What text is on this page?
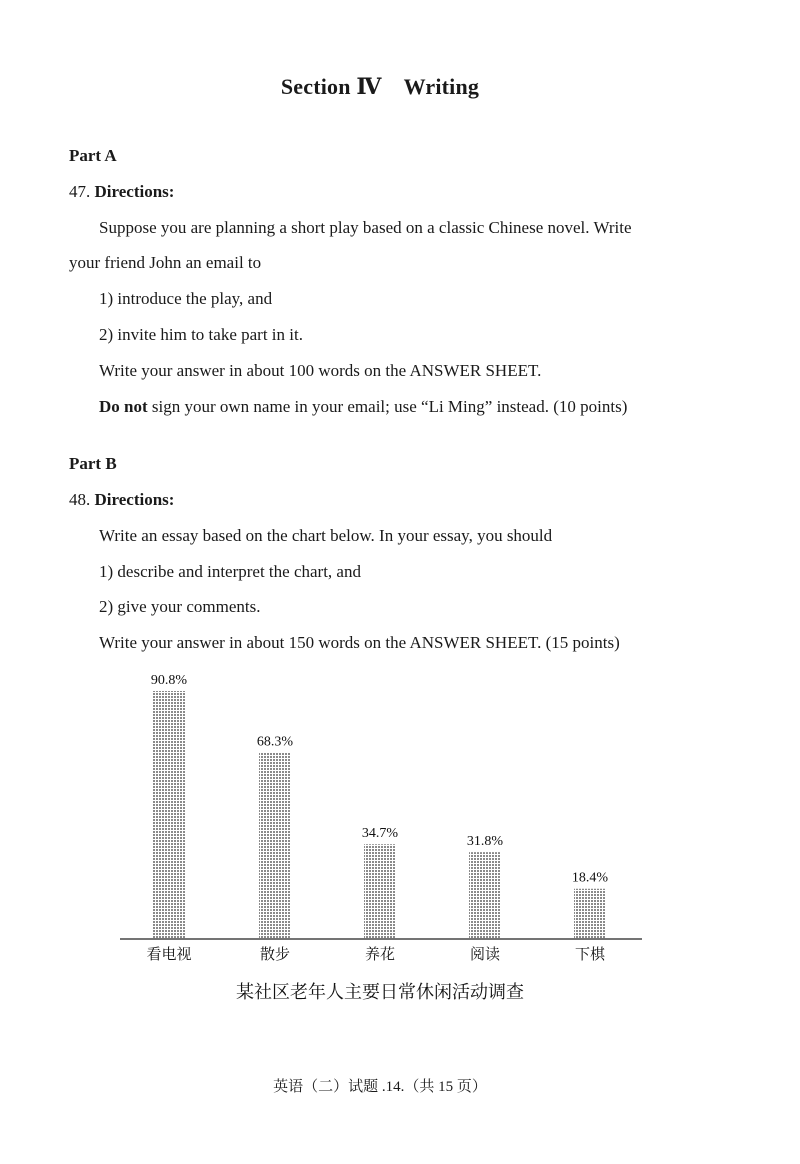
Section Ⅳ Writing
Part A
47. Directions:
Suppose you are planning a short play based on a classic Chinese novel. Write
your friend John an email to
1) introduce the play, and
2) invite him to take part in it.
Write your answer in about 100 words on the ANSWER SHEET.
Do not sign your own name in your email; use “Li Ming” instead. (10 points)
Part B
48. Directions:
Write an essay based on the chart below. In your essay, you should
1) describe and interpret the chart, and
2) give your comments.
Write your answer in about 150 words on the ANSWER SHEET. (15 points)
90.8%
看电视
68.3%
散步
34.7%
养花
31.8%
阅读
18.4%
下棋
某社区老年人主要日常休闲活动调查
英语（二）试题 .14.（共 15 页）
